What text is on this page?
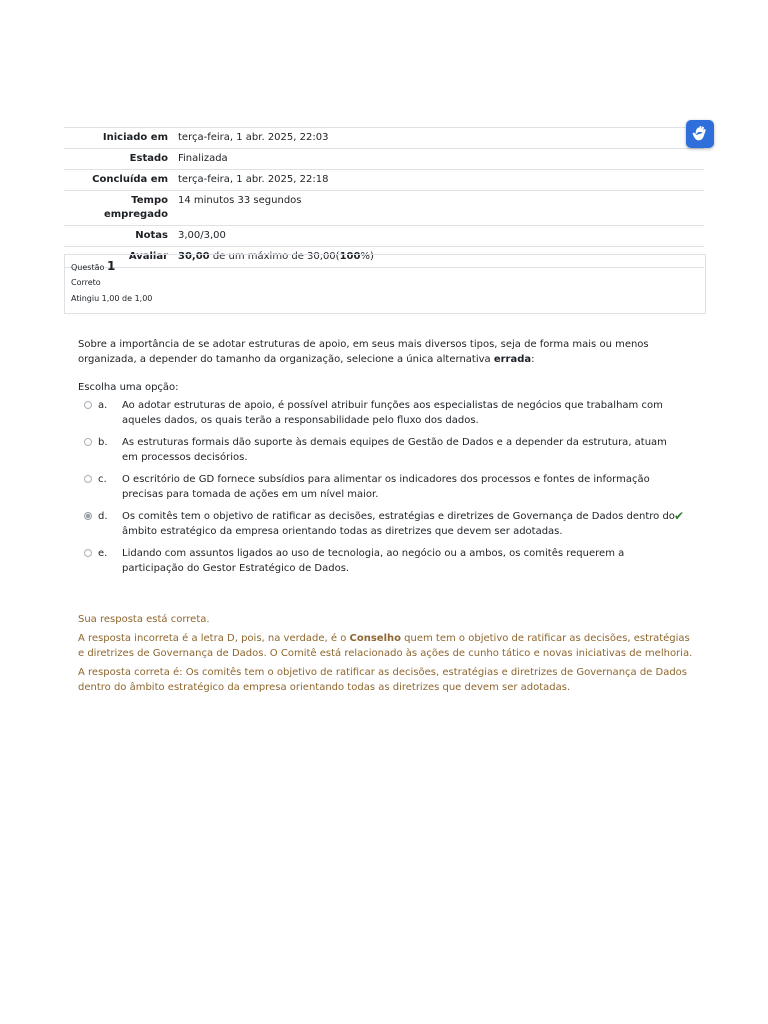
Iniciado em	terça-feira, 1 abr. 2025, 22:03
Estado	Finalizada
Concluída em	terça-feira, 1 abr. 2025, 22:18
Tempo empregado	14 minutos 33 segundos
Notas	3,00/3,00
Avaliar	30,00 de um máximo de 30,00(100%)
Questão 1
Correto
Atingiu 1,00 de 1,00
Sobre a importância de se adotar estruturas de apoio, em seus mais diversos tipos, seja de forma mais ou menos organizada, a depender do tamanho da organização, selecione a única alternativa errada:
Escolha uma opção:
a.	Ao adotar estruturas de apoio, é possível atribuir funções aos especialistas de negócios que trabalham com aqueles dados, os quais terão a responsabilidade pelo fluxo dos dados.
b.	As estruturas formais dão suporte às demais equipes de Gestão de Dados e a depender da estrutura, atuam em processos decisórios.
c.	O escritório de GD fornece subsídios para alimentar os indicadores dos processos e fontes de informação precisas para tomada de ações em um nível maior.
d.	Os comitês tem o objetivo de ratificar as decisões, estratégias e diretrizes de Governança de Dados dentro do âmbito estratégico da empresa orientando todas as diretrizes que devem ser adotadas.
✔
e.	Lidando com assuntos ligados ao uso de tecnologia, ao negócio ou a ambos, os comitês requerem a participação do Gestor Estratégico de Dados.

Sua resposta está correta.

A resposta incorreta é a letra D, pois, na verdade, é o Conselho quem tem o objetivo de ratificar as decisões, estratégias e diretrizes de Governança de Dados. O Comitê está relacionado às ações de cunho tático e novas iniciativas de melhoria.

A resposta correta é: Os comitês tem o objetivo de ratificar as decisões, estratégias e diretrizes de Governança de Dados dentro do âmbito estratégico da empresa orientando todas as diretrizes que devem ser adotadas.
